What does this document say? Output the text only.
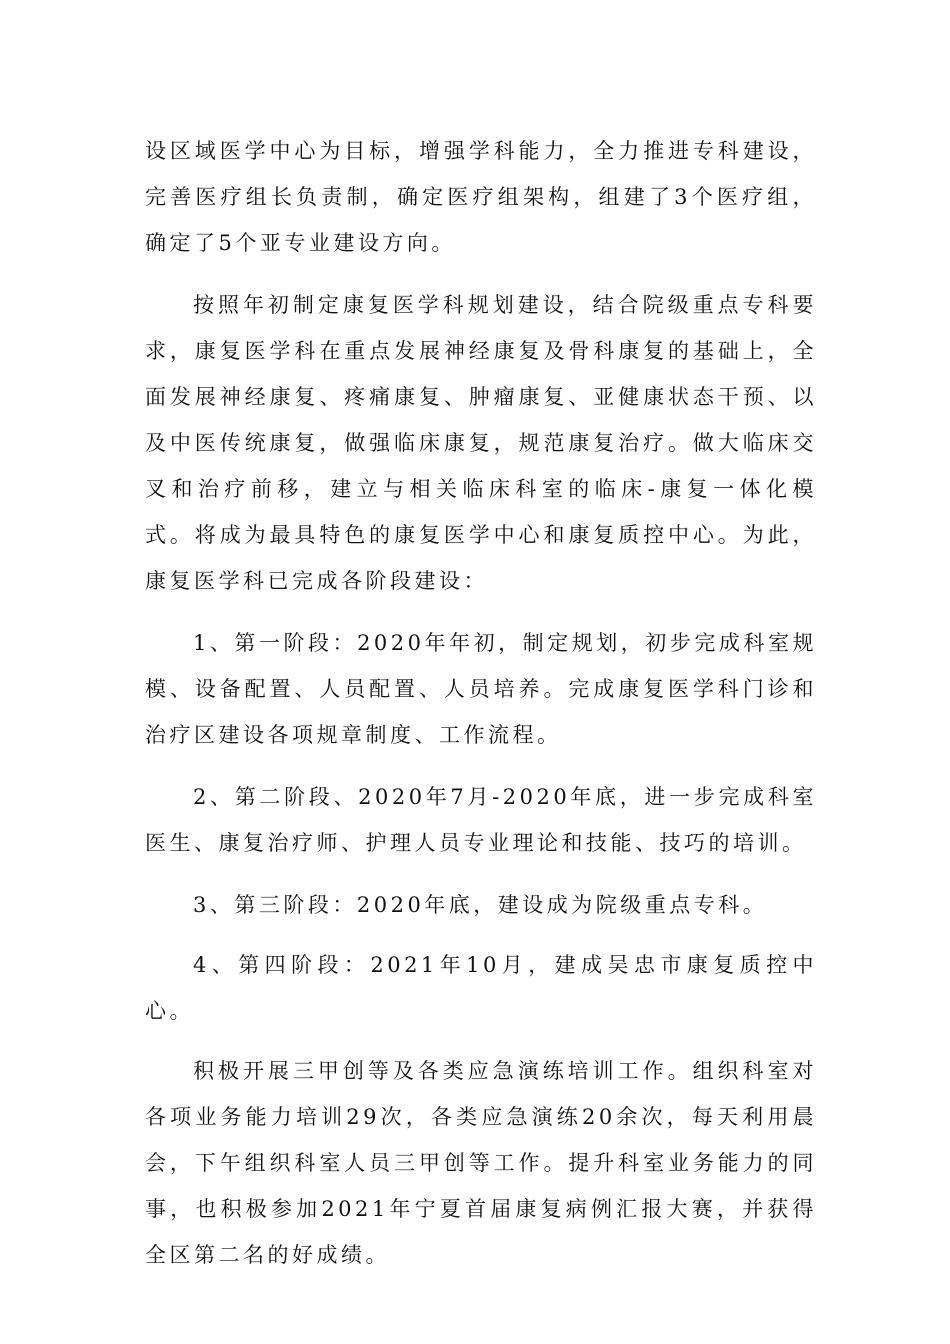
设区域医学中心为目标，增强学科能力，全力推进专科建设，完善医疗组长负责制，确定医疗组架构，组建了3个医疗组，确定了5个亚专业建设方向。

按照年初制定康复医学科规划建设，结合院级重点专科要求，康复医学科在重点发展神经康复及骨科康复的基础上，全面发展神经康复、疼痛康复、肿瘤康复、亚健康状态干预、以及中医传统康复，做强临床康复，规范康复治疗。做大临床交叉和治疗前移，建立与相关临床科室的临床-康复一体化模式。将成为最具特色的康复医学中心和康复质控中心。为此，康复医学科已完成各阶段建设：

1、第一阶段：2020年年初，制定规划，初步完成科室规模、设备配置、人员配置、人员培养。完成康复医学科门诊和治疗区建设各项规章制度、工作流程。

2、第二阶段、2020年7月-2020年底，进一步完成科室医生、康复治疗师、护理人员专业理论和技能、技巧的培训。

3、第三阶段：2020年底，建设成为院级重点专科。

4、第四阶段：2021年10月，建成吴忠市康复质控中心。

积极开展三甲创等及各类应急演练培训工作。组织科室对各项业务能力培训29次，各类应急演练20余次，每天利用晨会，下午组织科室人员三甲创等工作。提升科室业务能力的同事，也积极参加2021年宁夏首届康复病例汇报大赛，并获得全区第二名的好成绩。
